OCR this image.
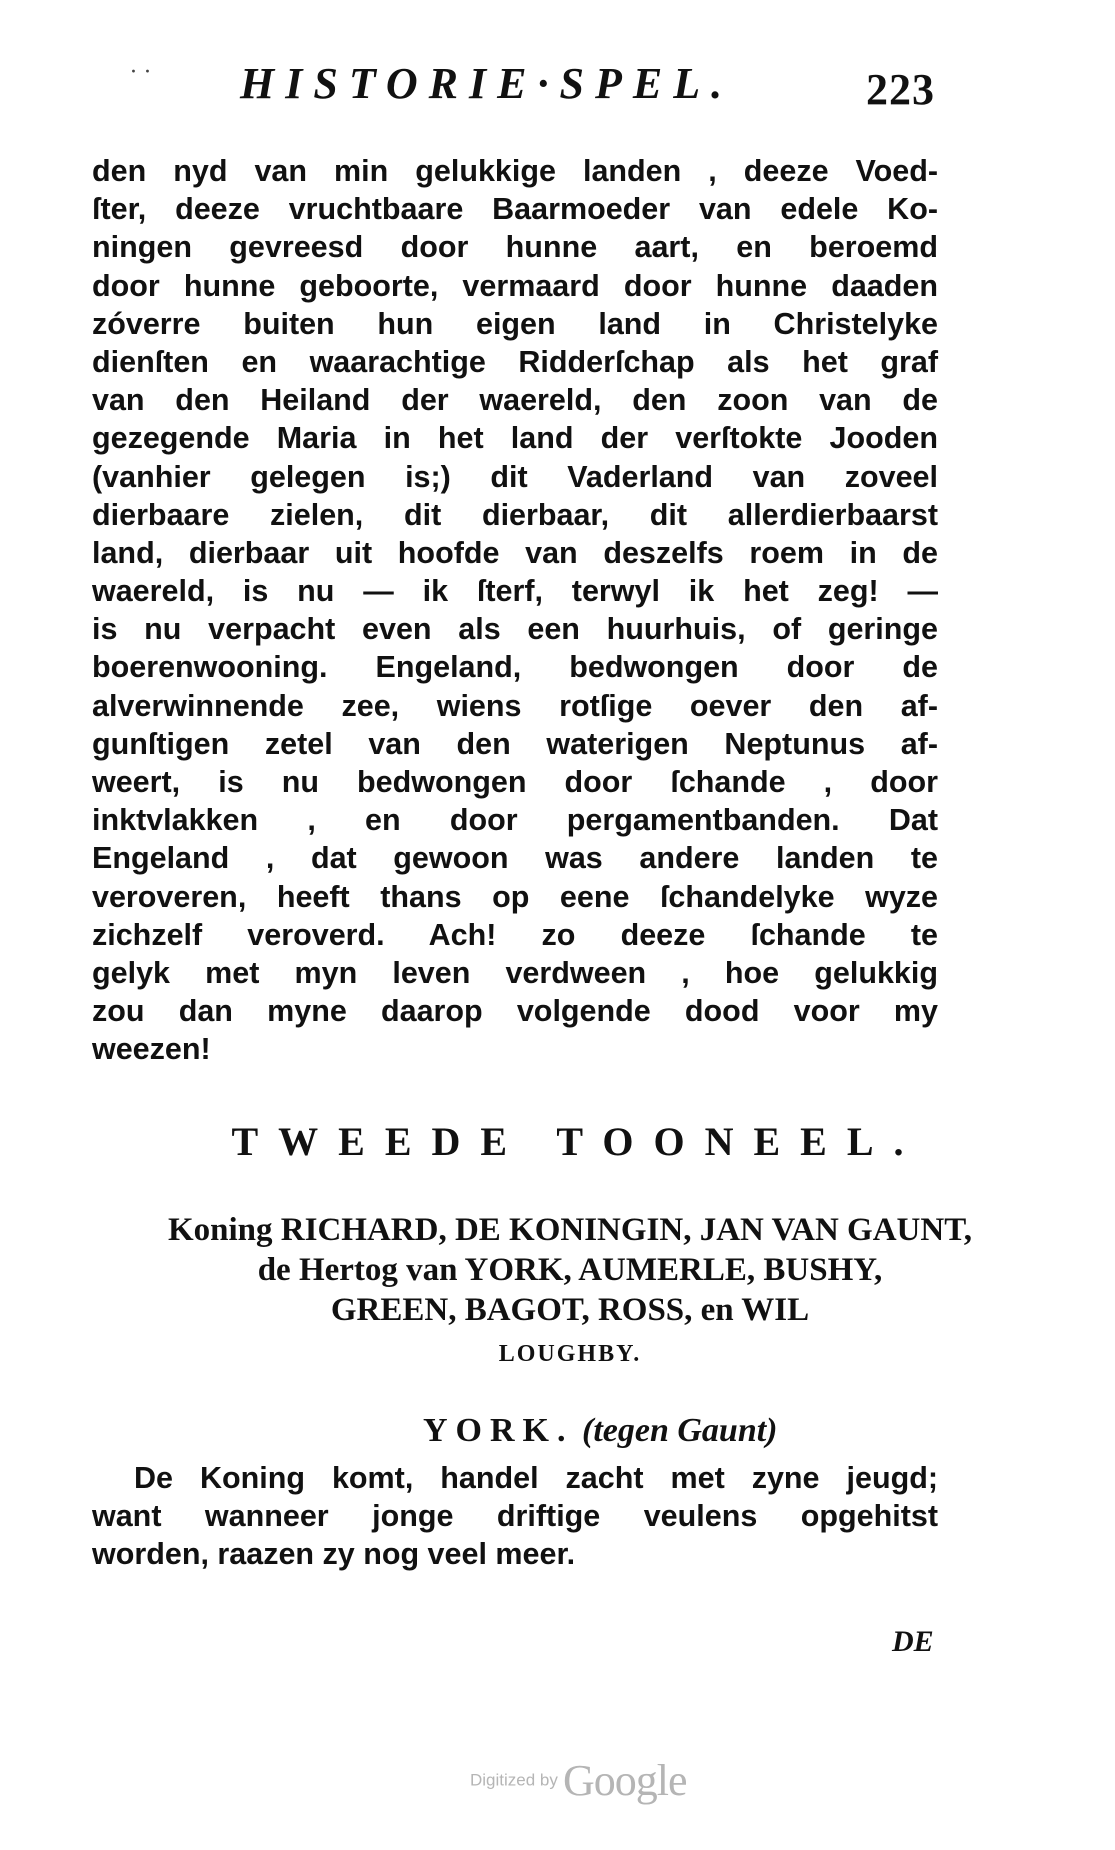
· · HISTORIE·SPEL.	223
den nyd van min gelukkige landen , deeze Voed-
ſter, deeze vruchtbaare Baarmoeder van edele Ko-
ningen gevreesd door hunne aart, en beroemd
door hunne geboorte, vermaard door hunne daaden
zóverre buiten hun eigen land in Christelyke
dienſten en waarachtige Ridderſchap als het graf
van den Heiland der waereld, den zoon van de
gezegende Maria in het land der verſtokte Jooden
(vanhier gelegen is;) dit Vaderland van zoveel
dierbaare zielen, dit dierbaar, dit allerdierbaarst
land, dierbaar uit hoofde van deszelfs roem in de
waereld, is nu — ik ſterf, terwyl ik het zeg! —
is nu verpacht even als een huurhuis, of geringe
boerenwooning. Engeland, bedwongen door de
alverwinnende zee, wiens rotſige oever den af-
gunſtigen zetel van den waterigen Neptunus af-
weert, is nu bedwongen door ſchande , door
inktvlakken , en door pergamentbanden. Dat
Engeland , dat gewoon was andere landen te
veroveren, heeft thans op eene ſchandelyke wyze
zichzelf veroverd. Ach! zo deeze ſchande te
gelyk met myn leven verdween , hoe gelukkig
zou dan myne daarop volgende dood voor my
weezen!
TWEEDE TOONEEL.
Koning RICHARD, DE KONINGIN, JAN VAN GAUNT,
de Hertog van YORK, AUMERLE, BUSHY,
GREEN, BAGOT, ROSS, en WIL
LOUGHBY.
YORK. (tegen Gaunt)
De Koning komt, handel zacht met zyne jeugd;
want wanneer jonge driftige veulens opgehitst
worden, raazen zy nog veel meer.
DE
Digitized by Google
